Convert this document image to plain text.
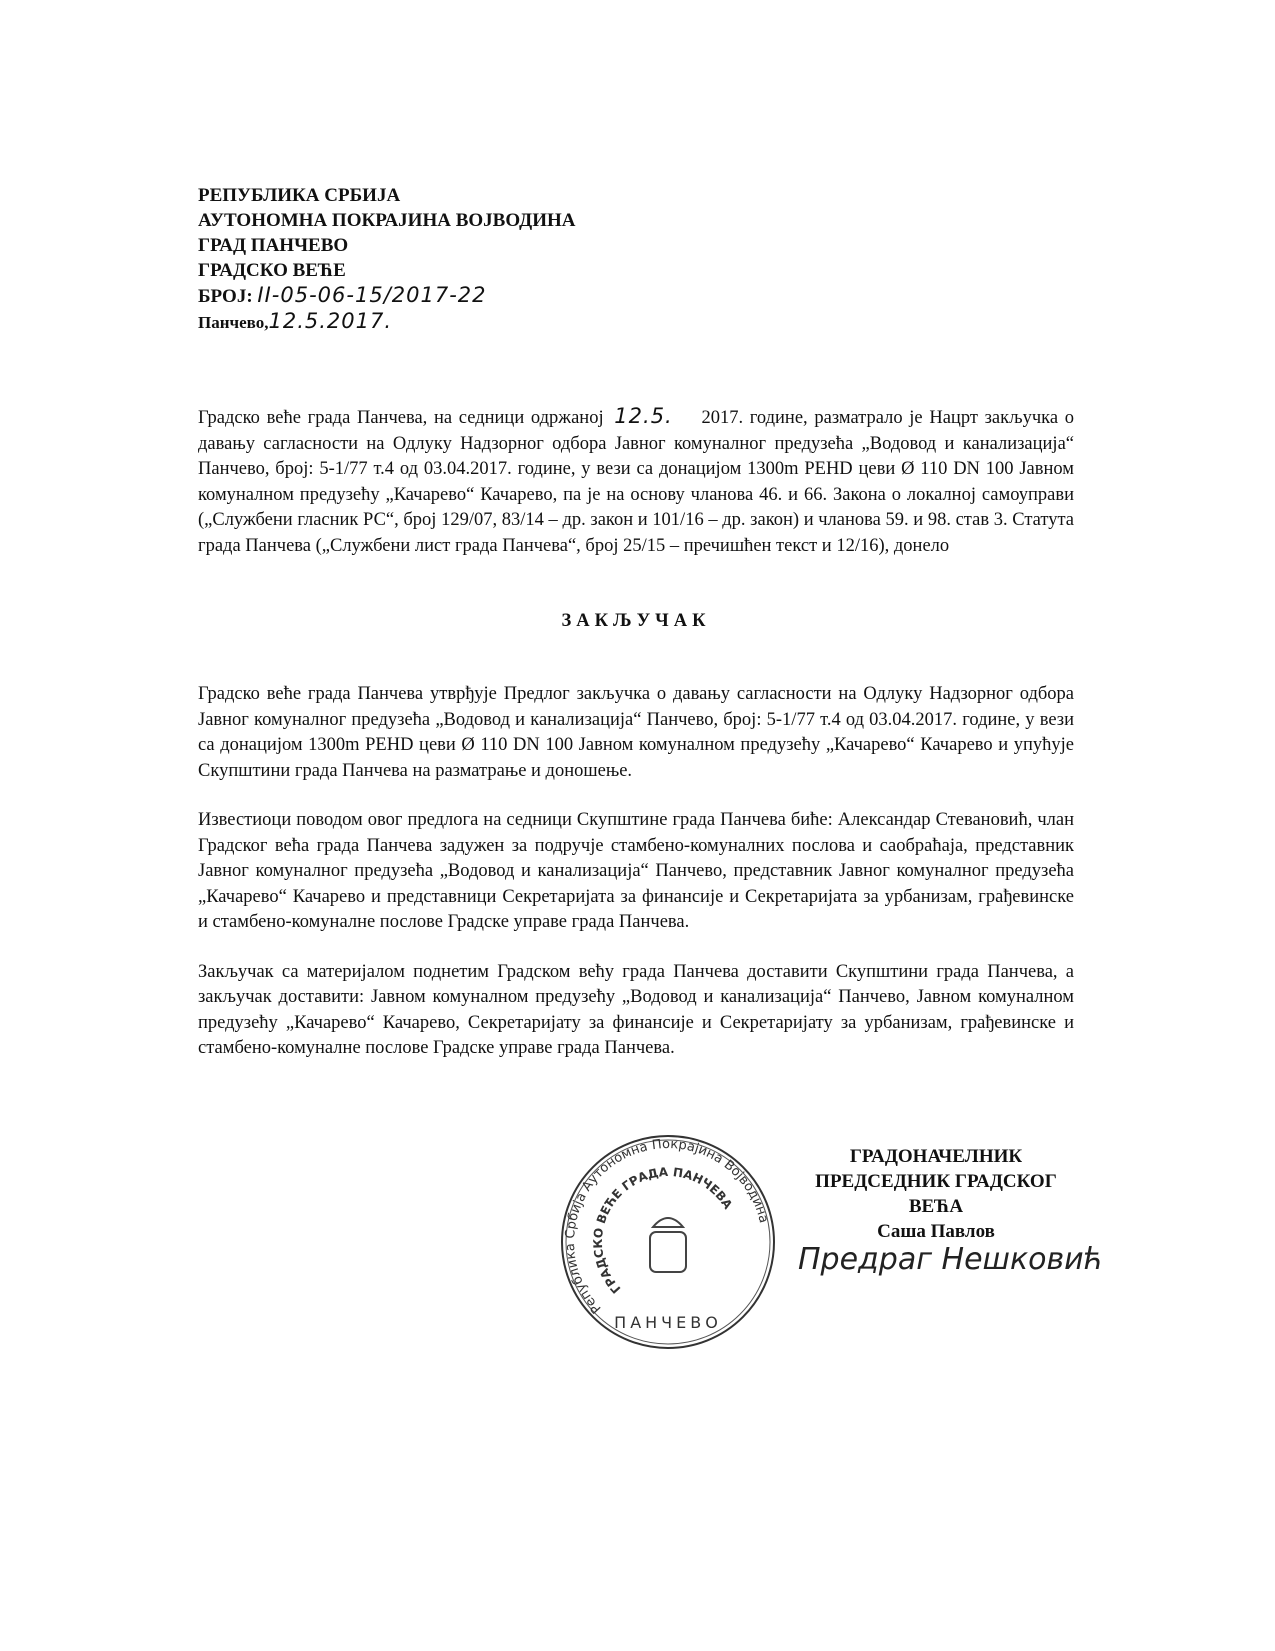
РЕПУБЛИКА СРБИЈА
АУТОНОМНА ПОКРАЈИНА ВОЈВОДИНА
ГРАД ПАНЧЕВО
ГРАДСКО ВЕЋЕ
БРОЈ: II-05-06-15/2017-22
Панчево,12.5.2017.

Градско веће града Панчева, на седници одржаној 12.5. 2017. године, разматрало је Нацрт закључка о давању сагласности на Одлуку Надзорног одбора Јавног комуналног предузећа „Водовод и канализација“ Панчево, број: 5-1/77 т.4 од 03.04.2017. године, у вези са донацијом 1300m PEHD цеви Ø 110 DN 100 Јавном комуналном предузећу „Качарево“ Качарево, па је на основу чланова 46. и 66. Закона о локалној самоуправи („Службени гласник РС“, број 129/07, 83/14 – др. закон и 101/16 – др. закон) и чланова 59. и 98. став 3. Статута града Панчева („Службени лист града Панчева“, број 25/15 – пречишћен текст и 12/16), донело

ЗАКЉУЧАК

Градско веће града Панчева утврђује Предлог закључка о давању сагласности на Одлуку Надзорног одбора Јавног комуналног предузећа „Водовод и канализација“ Панчево, број: 5-1/77 т.4 од 03.04.2017. године, у вези са донацијом 1300m PEHD цеви Ø 110 DN 100 Јавном комуналном предузећу „Качарево“ Качарево и упућује Скупштини града Панчева на разматрање и доношење.

Известиоци поводом овог предлога на седници Скупштине града Панчева биће: Александар Стевановић, члан Градског већа града Панчева задужен за подручје стамбено-комуналних послова и саобраћаја, представник Јавног комуналног предузећа „Водовод и канализација“ Панчево, представник Јавног комуналног предузећа „Качарево“ Качарево и представници Секретаријата за финансије и Секретаријата за урбанизам, грађевинске и стамбено-комуналне послове Градске управе града Панчева.

Закључак са материјалом поднетим Градском већу града Панчева доставити Скупштини града Панчева, а закључак доставити: Јавном комуналном предузећу „Водовод и канализација“ Панчево, Јавном комуналном предузећу „Качарево“ Качарево, Секретаријату за финансије и Секретаријату за урбанизам, грађевинске и стамбено-комуналне послове Градске управе града Панчева.

Република Србија Аутономна Покрајина Војводина
ГРАДСКО ВЕЋЕ ГРАДА ПАНЧЕВА
ПАНЧЕВО
ГРАДОНАЧЕЛНИК
ПРЕДСЕДНИК ГРАДСКОГ ВЕЋА
Саша Павлов
Предраг Нешковић
